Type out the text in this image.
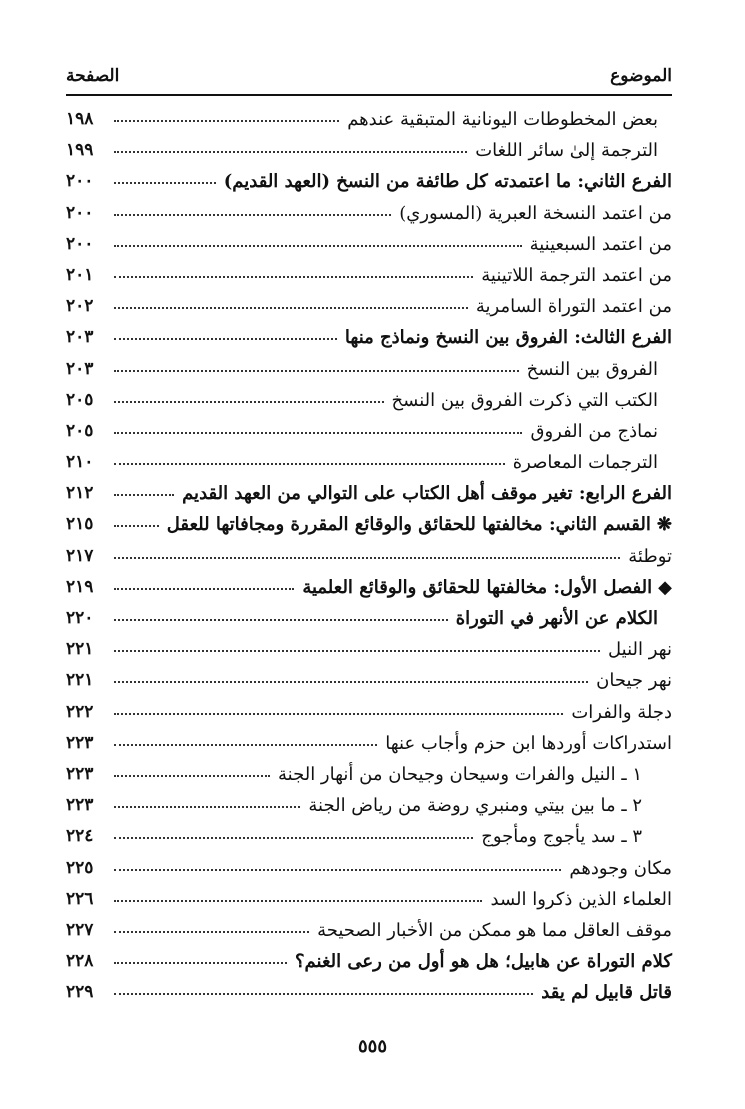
الموضوع
الصفحة
بعض المخطوطات اليونانية المتبقية عندهم
١٩٨
الترجمة إلىٰ سائر اللغات
١٩٩
الفرع الثاني: ما اعتمدته كل طائفة من النسخ (العهد القديم)
٢٠٠
من اعتمد النسخة العبرية (المسوري)
٢٠٠
من اعتمد السبعينية
٢٠٠
من اعتمد الترجمة اللاتينية
٢٠١
من اعتمد التوراة السامرية
٢٠٢
الفرع الثالث: الفروق بين النسخ ونماذج منها
٢٠٣
الفروق بين النسخ
٢٠٣
الكتب التي ذكرت الفروق بين النسخ
٢٠٥
نماذج من الفروق
٢٠٥
الترجمات المعاصرة
٢١٠
الفرع الرابع: تغير موقف أهل الكتاب على التوالي من العهد القديم
٢١٢
❋القسم الثاني: مخالفتها للحقائق والوقائع المقررة ومجافاتها للعقل
٢١٥
توطئة
٢١٧
◆الفصل الأول: مخالفتها للحقائق والوقائع العلمية
٢١٩
الكلام عن الأنهر في التوراة
٢٢٠
نهر النيل
٢٢١
نهر جيحان
٢٢١
دجلة والفرات
٢٢٢
استدراكات أوردها ابن حزم وأجاب عنها
٢٢٣
١ ـ النيل والفرات وسيحان وجيحان من أنهار الجنة
٢٢٣
٢ ـ ما بين بيتي ومنبري روضة من رياض الجنة
٢٢٣
٣ ـ سد يأجوج ومأجوج
٢٢٤
مكان وجودهم
٢٢٥
العلماء الذين ذكروا السد
٢٢٦
موقف العاقل مما هو ممكن من الأخبار الصحيحة
٢٢٧
كلام التوراة عن هابيل؛ هل هو أول من رعى الغنم؟
٢٢٨
قاتل قابيل لم يقد
٢٢٩
٥٥٥
